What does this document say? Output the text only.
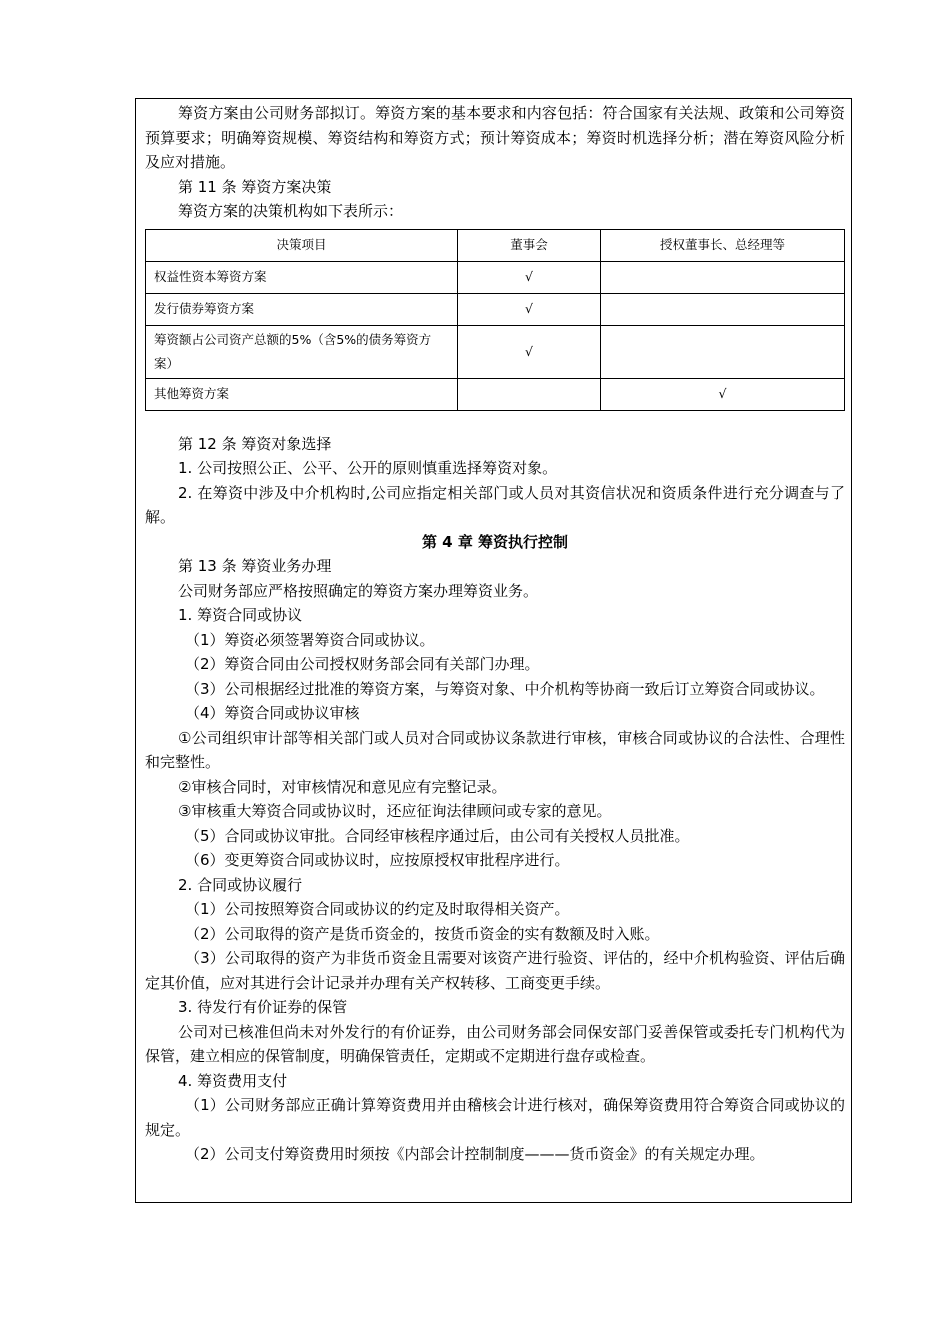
筹资方案由公司财务部拟订。筹资方案的基本要求和内容包括：符合国家有关法规、政策和公司筹资预算要求；明确筹资规模、筹资结构和筹资方式；预计筹资成本；筹资时机选择分析；潜在筹资风险分析及应对措施。

第 11 条 筹资方案决策

筹资方案的决策机构如下表所示：

决策项目	董事会	授权董事长、总经理等
权益性资本筹资方案	√	
发行债券筹资方案	√	
筹资额占公司资产总额的5%（含5%的债务筹资方案）	√	
其他筹资方案		√

第 12 条 筹资对象选择

1. 公司按照公正、公平、公开的原则慎重选择筹资对象。

2. 在筹资中涉及中介机构时,公司应指定相关部门或人员对其资信状况和资质条件进行充分调查与了解。

第 4 章 筹资执行控制

第 13 条 筹资业务办理

公司财务部应严格按照确定的筹资方案办理筹资业务。

1. 筹资合同或协议

（1）筹资必须签署筹资合同或协议。

（2）筹资合同由公司授权财务部会同有关部门办理。

（3）公司根据经过批准的筹资方案，与筹资对象、中介机构等协商一致后订立筹资合同或协议。

（4）筹资合同或协议审核

①公司组织审计部等相关部门或人员对合同或协议条款进行审核，审核合同或协议的合法性、合理性和完整性。

②审核合同时，对审核情况和意见应有完整记录。

③审核重大筹资合同或协议时，还应征询法律顾问或专家的意见。

（5）合同或协议审批。合同经审核程序通过后，由公司有关授权人员批准。

（6）变更筹资合同或协议时，应按原授权审批程序进行。

2. 合同或协议履行

（1）公司按照筹资合同或协议的约定及时取得相关资产。

（2）公司取得的资产是货币资金的，按货币资金的实有数额及时入账。

（3）公司取得的资产为非货币资金且需要对该资产进行验资、评估的，经中介机构验资、评估后确定其价值，应对其进行会计记录并办理有关产权转移、工商变更手续。

3. 待发行有价证券的保管

公司对已核准但尚未对外发行的有价证券，由公司财务部会同保安部门妥善保管或委托专门机构代为保管，建立相应的保管制度，明确保管责任，定期或不定期进行盘存或检查。

4. 筹资费用支付

（1）公司财务部应正确计算筹资费用并由稽核会计进行核对，确保筹资费用符合筹资合同或协议的规定。

（2）公司支付筹资费用时须按《内部会计控制制度———货币资金》的有关规定办理。
